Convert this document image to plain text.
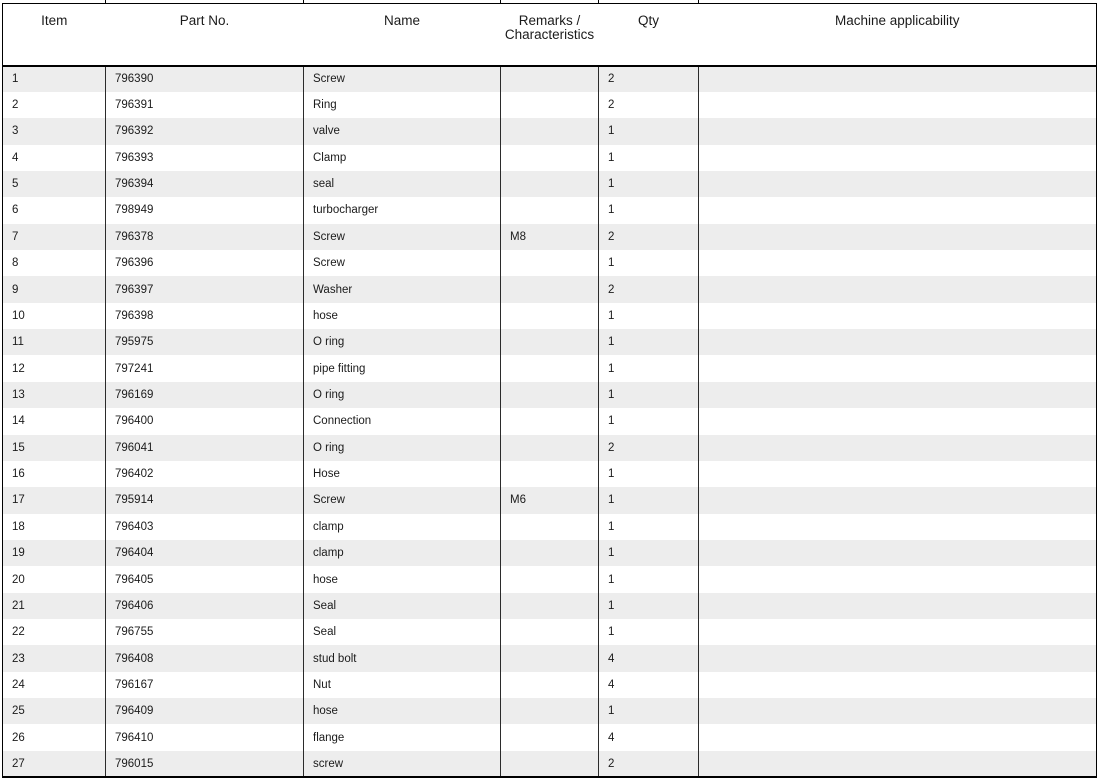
Item	Part No.	Name	Remarks / Characteristics	Qty	Machine applicability
1	796390	Screw		2	
2	796391	Ring		2	
3	796392	valve		1	
4	796393	Clamp		1	
5	796394	seal		1	
6	798949	turbocharger		1	
7	796378	Screw	M8	2	
8	796396	Screw		1	
9	796397	Washer		2	
10	796398	hose		1	
11	795975	O ring		1	
12	797241	pipe fitting		1	
13	796169	O ring		1	
14	796400	Connection		1	
15	796041	O ring		2	
16	796402	Hose		1	
17	795914	Screw	M6	1	
18	796403	clamp		1	
19	796404	clamp		1	
20	796405	hose		1	
21	796406	Seal		1	
22	796755	Seal		1	
23	796408	stud bolt		4	
24	796167	Nut		4	
25	796409	hose		1	
26	796410	flange		4	
27	796015	screw		2	
